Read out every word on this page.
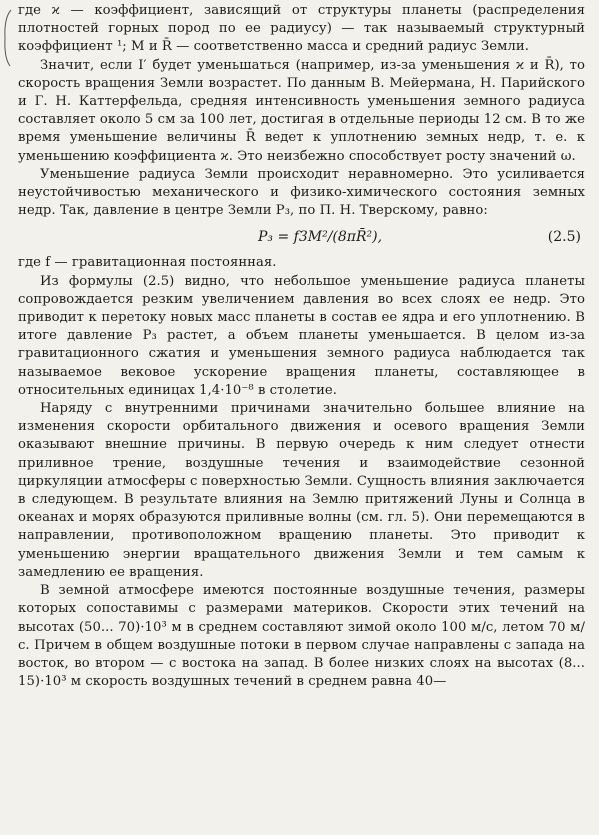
где ϰ — коэффициент, зависящий от структуры планеты (распределения плотностей горных пород по ее радиусу) — так называемый структурный коэффициент ¹; M и R̄ — соответственно масса и средний радиус Земли.

Значит, если I′ будет уменьшаться (например, из-за уменьшения ϰ и R̄), то скорость вращения Земли возрастет. По данным В. Мейермана, Н. Парийского и Г. Н. Каттерфельда, средняя интенсивность уменьшения земного радиуса составляет около 5 см за 100 лет, достигая в отдельные периоды 12 см. В то же время уменьшение величины R̄ ведет к уплотнению земных недр, т. е. к уменьшению коэффициента ϰ. Это неизбежно способствует росту значений ω.

Уменьшение радиуса Земли происходит неравномерно. Это усиливается неустойчивостью механического и физико-химического состояния земных недр. Так, давление в центре Земли P₃, по П. Н. Тверскому, равно:

P₃ = f3M²/(8πR̄²),	(2.5)

где f — гравитационная постоянная.

Из формулы (2.5) видно, что небольшое уменьшение радиуса планеты сопровождается резким увеличением давления во всех слоях ее недр. Это приводит к перетоку новых масс планеты в состав ее ядра и его уплотнению. В итоге давление P₃ растет, а объем планеты уменьшается. В целом из-за гравитационного сжатия и уменьшения земного радиуса наблюдается так называемое вековое ускорение вращения планеты, составляющее в относительных единицах 1,4·10⁻⁸ в столетие.

Наряду с внутренними причинами значительно большее влияние на изменения скорости орбитального движения и осевого вращения Земли оказывают внешние причины. В первую очередь к ним следует отнести приливное трение, воздушные течения и взаимодействие сезонной циркуляции атмосферы с поверхностью Земли. Сущность влияния заключается в следующем. В результате влияния на Землю притяжений Луны и Солнца в океанах и морях образуются приливные волны (см. гл. 5). Они перемещаются в направлении, противоположном вращению планеты. Это приводит к уменьшению энергии вращательного движения Земли и тем самым к замедлению ее вращения.

В земной атмосфере имеются постоянные воздушные течения, размеры которых сопоставимы с размерами материков. Скорости этих течений на высотах (50... 70)·10³ м в среднем составляют зимой около 100 м/с, летом 70 м/с. Причем в общем воздушные потоки в первом случае направлены с запада на восток, во втором — с востока на запад. В более низких слоях на высотах (8... 15)·10³ м скорость воздушных течений в среднем равна 40—
